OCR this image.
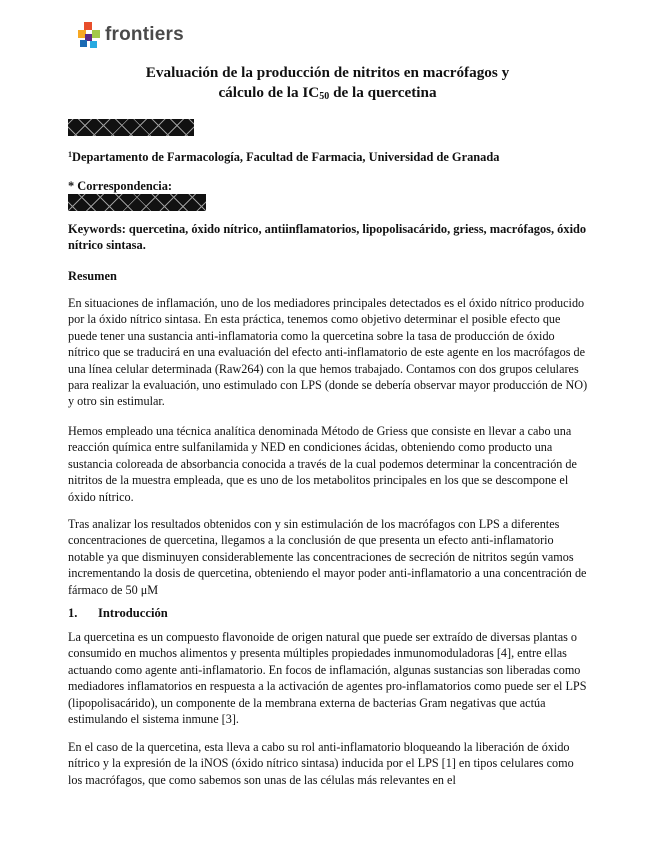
frontiers
Evaluación de la producción de nitritos en macrófagos y
cálculo de la $IC_{50}$ de la quercetina
$^1$Departamento de Farmacología, Facultad de Farmacia, Universidad de Granada
* Correspondencia:
Keywords: quercetina, óxido nítrico, antiinflamatorios, lipopolisacárido, griess, macrófagos, óxido nítrico sintasa.
Resumen

En situaciones de inflamación, uno de los mediadores principales detectados es el óxido nítrico producido por la óxido nítrico sintasa. En esta práctica, tenemos como objetivo determinar el posible efecto que puede tener una sustancia anti-inflamatoria como la quercetina sobre la tasa de producción de óxido nítrico que se traducirá en una evaluación del efecto anti-inflamatorio de este agente en los macrófagos de una línea celular determinada (Raw264) con la que hemos trabajado. Contamos con dos grupos celulares para realizar la evaluación, uno estimulado con LPS (donde se debería observar mayor producción de NO) y otro sin estimular.

Hemos empleado una técnica analítica denominada Método de Griess que consiste en llevar a cabo una reacción química entre sulfanilamida y NED en condiciones ácidas, obteniendo como producto una sustancia coloreada de absorbancia conocida a través de la cual podemos determinar la concentración de nitritos de la muestra empleada, que es uno de los metabolitos principales en los que se descompone el óxido nítrico.

Tras analizar los resultados obtenidos con y sin estimulación de los macrófagos con LPS a diferentes concentraciones de quercetina, llegamos a la conclusión de que presenta un efecto anti-inflamatorio notable ya que disminuyen considerablemente las concentraciones de secreción de nitritos según vamos incrementando la dosis de quercetina, obteniendo el mayor poder anti-inflamatorio a una concentración de fármaco de 50 μM

1. Introducción

La quercetina es un compuesto flavonoide de origen natural que puede ser extraído de diversas plantas o consumido en muchos alimentos y presenta múltiples propiedades inmunomoduladoras [4], entre ellas actuando como agente anti-inflamatorio. En focos de inflamación, algunas sustancias son liberadas como mediadores inflamatorios en respuesta a la activación de agentes pro-inflamatorios como puede ser el LPS (lipopolisacárido), un componente de la membrana externa de bacterias Gram negativas que actúa estimulando el sistema inmune [3].

En el caso de la quercetina, esta lleva a cabo su rol anti-inflamatorio bloqueando la liberación de óxido nítrico y la expresión de la iNOS (óxido nítrico sintasa) inducida por el LPS [1] en tipos celulares como los macrófagos, que como sabemos son unas de las células más relevantes en el
